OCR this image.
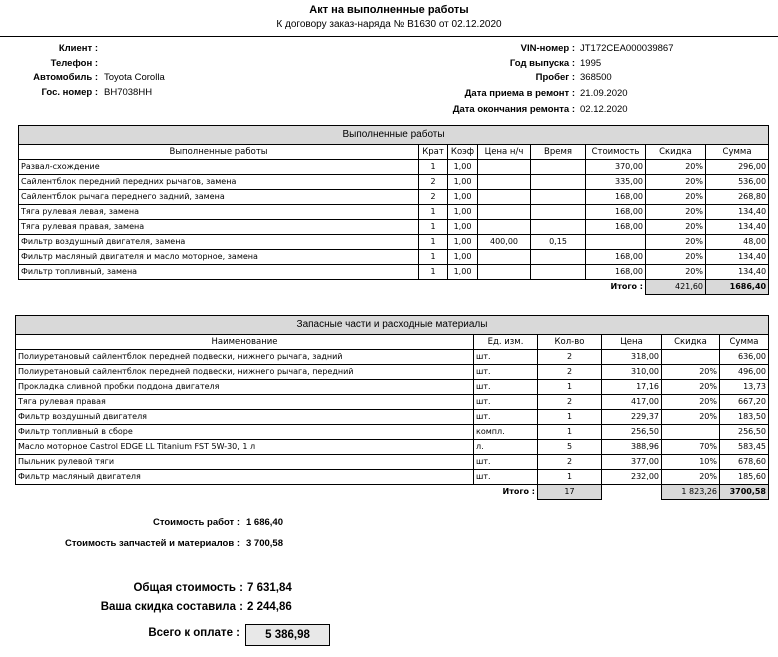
Акт на выполненные работы
К договору заказ-наряда № B1630 от 02.12.2020
Клиент :
Телефон :
Автомобиль : Toyota Corolla
Гос. номер : BH7038HH
VIN-номер : JT172CEA000039867
Год выпуска : 1995
Пробег : 368500
Дата приема в ремонт : 21.09.2020
Дата окончания ремонта : 02.12.2020
Выполненные работы							
Выполненные работы	Крат	Коэф	Цена н/ч	Время	Стоимость	Скидка	Сумма
Развал-схождение	1	1,00			370,00	20%	296,00
Сайлентблок передний передних рычагов, замена	2	1,00			335,00	20%	536,00
Сайлентблок рычага переднего задний, замена	2	1,00			168,00	20%	268,80
Тяга рулевая левая, замена	1	1,00			168,00	20%	134,40
Тяга рулевая правая, замена	1	1,00			168,00	20%	134,40
Фильтр воздушный двигателя, замена	1	1,00	400,00	0,15		20%	48,00
Фильтр масляный двигателя и масло моторное, замена	1	1,00			168,00	20%	134,40
Фильтр топливный, замена	1	1,00			168,00	20%	134,40
				Итого :		421,60	1686,40
Запасные части и расходные материалы					
Наименование	Ед. изм.	Кол-во	Цена	Скидка	Сумма
Полиуретановый сайлентблок передней подвески, нижнего рычага, задний	шт.	2	318,00		636,00
Полиуретановый сайлентблок передней подвески, нижнего рычага, передний	шт.	2	310,00	20%	496,00
Прокладка сливной пробки поддона двигателя	шт.	1	17,16	20%	13,73
Тяга рулевая правая	шт.	2	417,00	20%	667,20
Фильтр воздушный двигателя	шт.	1	229,37	20%	183,50
Фильтр топливный в сборе	компл.	1	256,50		256,50
Масло моторное Castrol EDGE LL Titanium FST 5W-30, 1 л	л.	5	388,96	70%	583,45
Пыльник рулевой тяги	шт.	2	377,00	10%	678,60
Фильтр масляный двигателя	шт.	1	232,00	20%	185,60
	Итого :	17		1 823,26	3700,58
Стоимость работ : 1 686,40
Стоимость запчастей и материалов : 3 700,58
Общая стоимость : 7 631,84
Ваша скидка составила : 2 244,86
Всего к оплате :	5 386,98
